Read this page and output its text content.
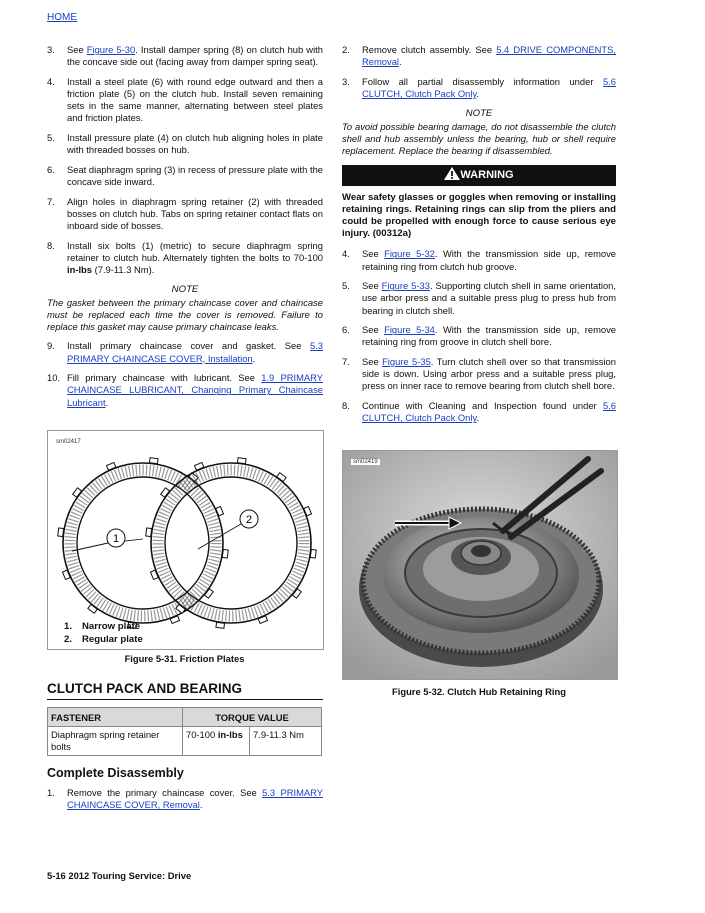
HOME
3. See Figure 5-30. Install damper spring (8) on clutch hub with the concave side out (facing away from damper spring seat).
4. Install a steel plate (6) with round edge outward and then a friction plate (5) on the clutch hub. Install seven remaining sets in the same manner, alternating between steel plates and friction plates.
5. Install pressure plate (4) on clutch hub aligning holes in plate with threaded bosses on hub.
6. Seat diaphragm spring (3) in recess of pressure plate with the concave side inward.
7. Align holes in diaphragm spring retainer (2) with threaded bosses on clutch hub. Tabs on spring retainer contact flats on inboard side of bosses.
8. Install six bolts (1) (metric) to secure diaphragm spring retainer to clutch hub. Alternately tighten the bolts to 70-100 in-lbs (7.9-11.3 Nm).
NOTE
The gasket between the primary chaincase cover and chaincase must be replaced each time the cover is removed. Failure to replace this gasket may cause primary chaincase leaks.
9. Install primary chaincase cover and gasket. See 5.3 PRIMARY CHAINCASE COVER, Installation.
10. Fill primary chaincase with lubricant. See 1.9 PRIMARY CHAINCASE LUBRICANT, Changing Primary Chaincase Lubricant.
sm02417
1
2
1. Narrow plate
2. Regular plate
Figure 5-31. Friction Plates
CLUTCH PACK AND BEARING
FASTENER	TORQUE VALUE	
Diaphragm spring retainer bolts	70-100 in-lbs	7.9-11.3 Nm
Complete Disassembly
1. Remove the primary chaincase cover. See 5.3 PRIMARY CHAINCASE COVER, Removal.
2. Remove clutch assembly. See 5.4 DRIVE COMPONENTS, Removal.
3. Follow all partial disassembly information under 5.6 CLUTCH, Clutch Pack Only.
NOTE
To avoid possible bearing damage, do not disassemble the clutch shell and hub assembly unless the bearing, hub or shell require replacement. Replace the bearing if disassembled.
WARNING
Wear safety glasses or goggles when removing or installing retaining rings. Retaining rings can slip from the pliers and could be propelled with enough force to cause serious eye injury. (00312a)
4. See Figure 5-32. With the transmission side up, remove retaining ring from clutch hub groove.
5. See Figure 5-33. Supporting clutch shell in same orientation, use arbor press and a suitable press plug to press hub from bearing in clutch shell.
6. See Figure 5-34. With the transmission side up, remove retaining ring from groove in clutch shell bore.
7. See Figure 5-35. Turn clutch shell over so that transmission side is down. Using arbor press and a suitable press plug, press on inner race to remove bearing from clutch shell bore.
8. Continue with Cleaning and Inspection found under 5.6 CLUTCH, Clutch Pack Only.
sm02419
Figure 5-32. Clutch Hub Retaining Ring
5-16 2012 Touring Service: Drive
